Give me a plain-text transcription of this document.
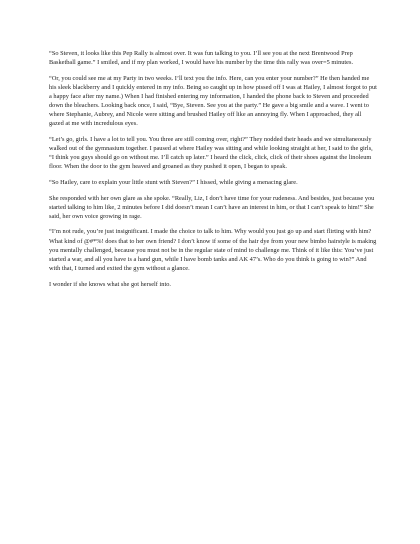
“So Steven, it looks like this Pep Rally is almost over. It was fun talking to you. I’ll see you at the next Brentwood Prep Basketball game.” I smiled, and if my plan worked, I would have his number by the time this rally was over=5 minutes.

“Or, you could see me at my Party in two weeks. I’ll text you the info. Here, can you enter your number?” He then handed me his sleek blackberry and I quickly entered in my info. Being so caught up in how pissed off I was at Hailey, I almost forgot to put a happy face after my name.) When I had finished entering my information, I handed the phone back to Steven and proceeded down the bleachers. Looking back once, I said, “Bye, Steven. See you at the party.” He gave a big smile and a wave. I went to where Stephanie, Aubrey, and Nicole were sitting and brushed Hailey off like an annoying fly. When I approached, they all gazed at me with incredulous eyes.

“Let’s go, girls. I have a lot to tell you. You three are still coming over, right?” They nodded their heads and we simultaneously walked out of the gymnasium together. I paused at where Hailey was sitting and while looking straight at her, I said to the girls, “I think you guys should go on without me. I’ll catch up later.” I heard the click, click, click of their shoes against the linoleum floor. When the door to the gym heaved and groaned as they pushed it open, I began to speak.

“So Hailey, care to explain your little stunt with Steven?” I hissed, while giving a menacing glare.

She responded with her own glare as she spoke. “Really, Liz, I don’t have time for your rudeness. And besides, just because you started talking to him like, 2 minutes before I did doesn’t mean I can’t have an interest in him, or that I can’t speak to him!” She said, her own voice growing in rage.

“I’m not rude, you’re just insignificant. I made the choice to talk to him. Why would you just go up and start flirting with him? What kind of @#*%! does that to her own friend? I don’t know if some of the hair dye from your new bimbo hairstyle is making you mentally challenged, because you must not be in the regular state of mind to challenge me. Think of it like this: You’ve just started a war, and all you have is a hand gun, while I have bomb tanks and AK 47’s. Who do you think is going to win?” And with that, I turned and exited the gym without a glance.

I wonder if she knows what she got herself into.
